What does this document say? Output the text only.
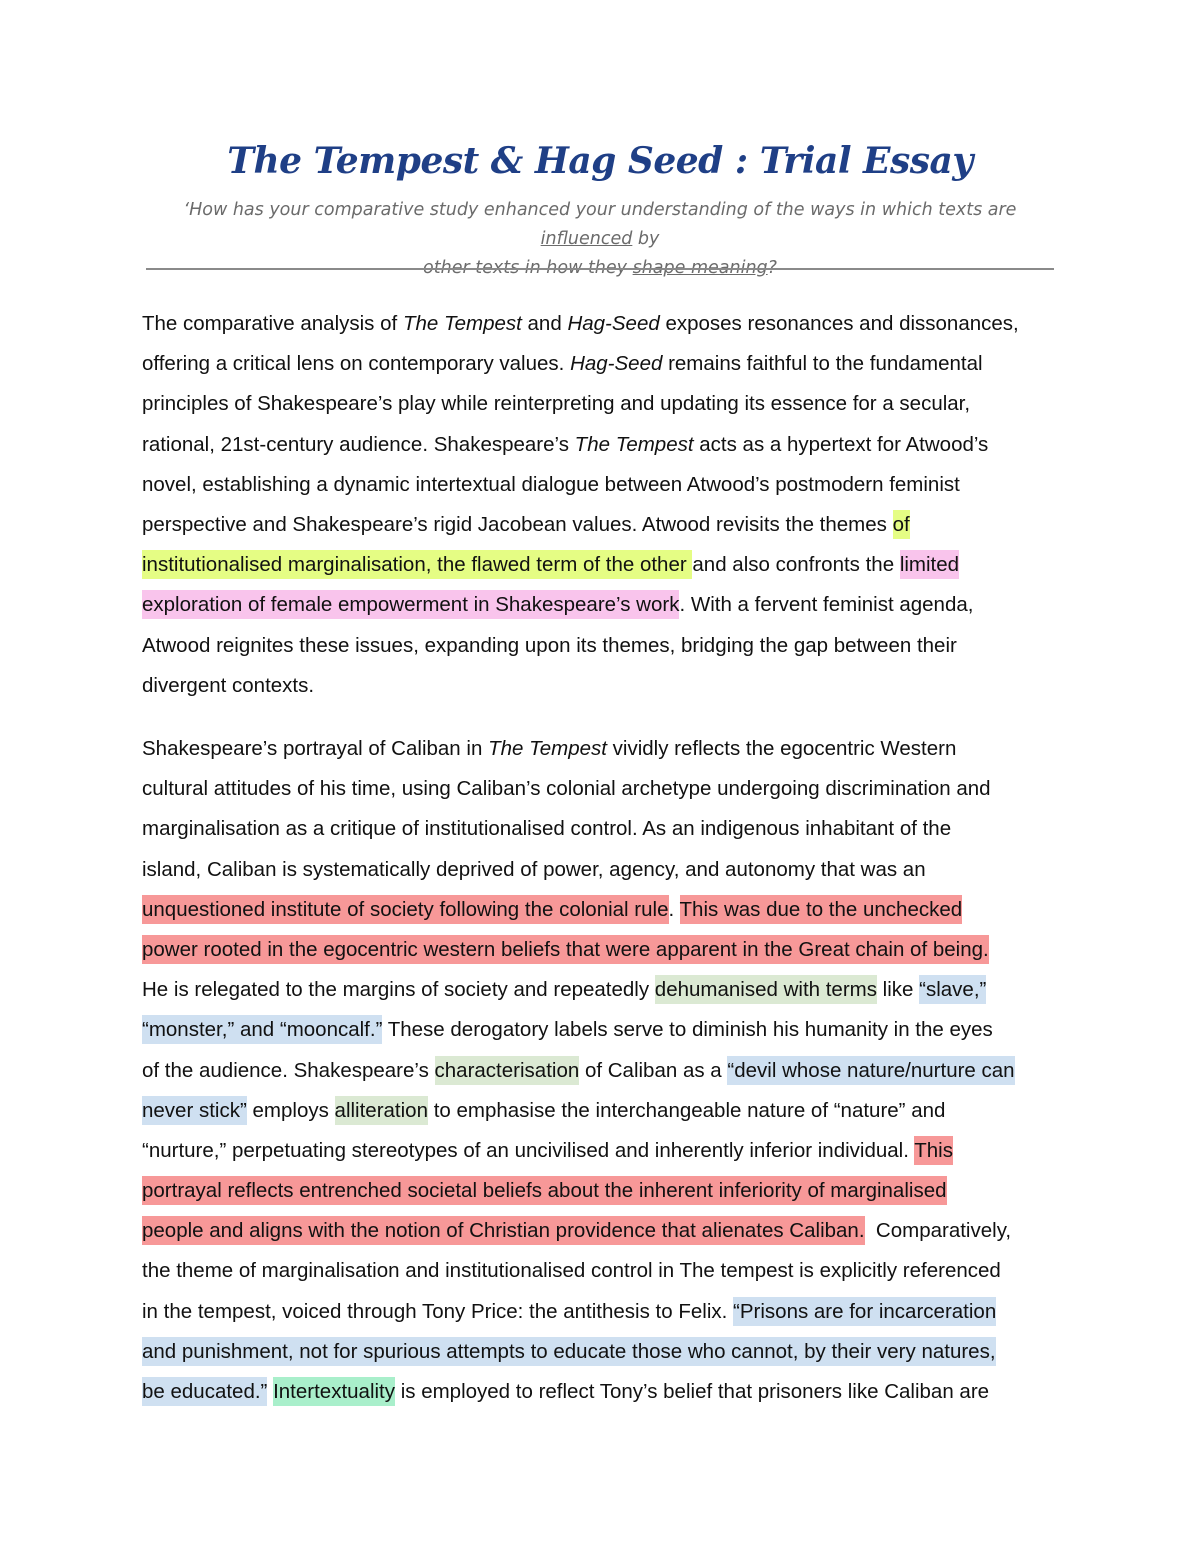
The Tempest & Hag Seed : Trial Essay

‘How has your comparative study enhanced your understanding of the ways in which texts are influenced by
other texts in how they shape meaning?

The comparative analysis of The Tempest and Hag-Seed exposes resonances and dissonances,
offering a critical lens on contemporary values. Hag-Seed remains faithful to the fundamental
principles of Shakespeare’s play while reinterpreting and updating its essence for a secular,
rational, 21st-century audience. Shakespeare’s The Tempest acts as a hypertext for Atwood’s
novel, establishing a dynamic intertextual dialogue between Atwood’s postmodern feminist
perspective and Shakespeare’s rigid Jacobean values. Atwood revisits the themes of
institutionalised marginalisation, the flawed term of the other and also confronts the limited
exploration of female empowerment in Shakespeare’s work. With a fervent feminist agenda,
Atwood reignites these issues, expanding upon its themes, bridging the gap between their
divergent contexts.
Shakespeare’s portrayal of Caliban in The Tempest vividly reflects the egocentric Western
cultural attitudes of his time, using Caliban’s colonial archetype undergoing discrimination and
marginalisation as a critique of institutionalised control. As an indigenous inhabitant of the
island, Caliban is systematically deprived of power, agency, and autonomy that was an
unquestioned institute of society following the colonial rule. This was due to the unchecked
power rooted in the egocentric western beliefs that were apparent in the Great chain of being.
He is relegated to the margins of society and repeatedly dehumanised with terms like “slave,”
“monster,” and “mooncalf.” These derogatory labels serve to diminish his humanity in the eyes
of the audience. Shakespeare’s characterisation of Caliban as a “devil whose nature/nurture can
never stick” employs alliteration to emphasise the interchangeable nature of “nature” and
“nurture,” perpetuating stereotypes of an uncivilised and inherently inferior individual. This
portrayal reflects entrenched societal beliefs about the inherent inferiority of marginalised
people and aligns with the notion of Christian providence that alienates Caliban.  Comparatively,
the theme of marginalisation and institutionalised control in The tempest is explicitly referenced
in the tempest, voiced through Tony Price: the antithesis to Felix. “Prisons are for incarceration
and punishment, not for spurious attempts to educate those who cannot, by their very natures,
be educated.” Intertextuality is employed to reflect Tony’s belief that prisoners like Caliban are
